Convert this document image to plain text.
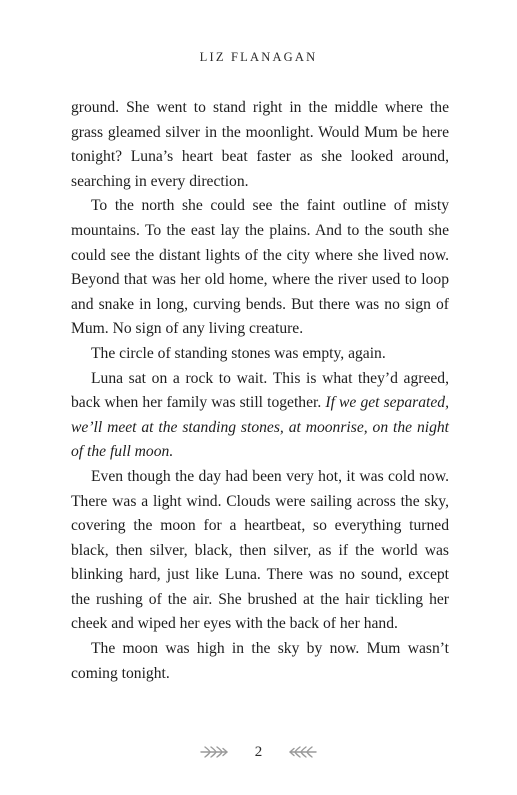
LIZ FLANAGAN

ground. She went to stand right in the middle where the grass gleamed silver in the moonlight. Would Mum be here tonight? Luna’s heart beat faster as she looked around, searching in every direction.

To the north she could see the faint outline of misty mountains. To the east lay the plains. And to the south she could see the distant lights of the city where she lived now. Beyond that was her old home, where the river used to loop and snake in long, curving bends. But there was no sign of Mum. No sign of any living creature.

The circle of standing stones was empty, again.

Luna sat on a rock to wait. This is what they’d agreed, back when her family was still together. If we get separated, we’ll meet at the standing stones, at moonrise, on the night of the full moon.

Even though the day had been very hot, it was cold now. There was a light wind. Clouds were sailing across the sky, covering the moon for a heartbeat, so everything turned black, then silver, black, then silver, as if the world was blinking hard, just like Luna. There was no sound, except the rushing of the air. She brushed at the hair tickling her cheek and wiped her eyes with the back of her hand.

The moon was high in the sky by now. Mum wasn’t coming tonight.

2
